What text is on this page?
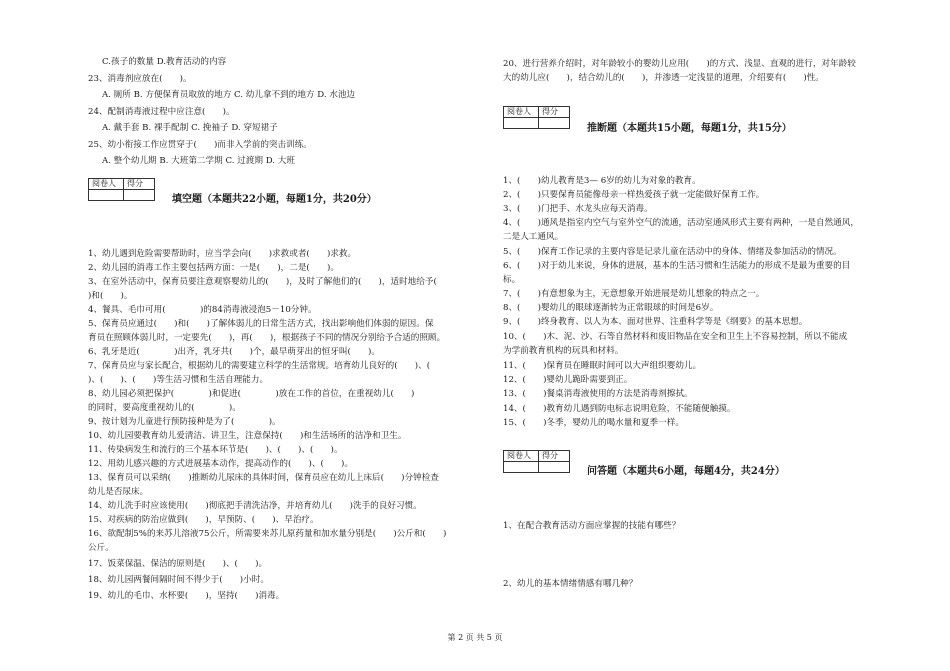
C.孩子的数量 D.教育活动的内容
23、消毒剂应放在(　　)。
A. 厕所 B. 方便保育员取放的地方 C. 幼儿拿不到的地方 D. 水池边
24、配制消毒液过程中应注意(　　)。
A. 戴手套 B. 裸手配制 C. 挽袖子 D. 穿短裙子
25、幼小衔接工作应贯穿于(　　)而非入学前的突击训练。
A. 整个幼儿期 B. 大班第二学期 C. 过渡期 D. 大班
阅卷人	得分

填空题（本题共22小题，每题1分，共20分）
1、幼儿遇到危险需要帮助时，应当学会向(　　)求救或者(　　)求救。
2、幼儿园的消毒工作主要包括两方面：一是(　　)，二是(　　)。
3、在室外活动中，保育员要注意观察婴幼儿的(　　)，及时了解他们的(　　)，适时地给予(
)和(　　)。
4、餐具、毛巾可用(　　　　)的84消毒液浸泡5－10分钟。
5、保育员应通过(　　)和(　　)了解体弱儿的日常生活方式，找出影响他们体弱的原因。保
育员在照顾体弱儿时，一定要先(　　)，再(　　)，根据孩子不同的情况分别给予合适的照顾。
6、乳牙是近(　　　　)出齐，乳牙共(　　)个，最早萌芽出的恒牙叫(　　)。
7、保育员应与家长配合，根据幼儿的需要建立科学的生活常规。培育幼儿良好的(　　)、(
)、(　　)、(　　)等生活习惯和生活自理能力。
8、幼儿园必须把保护(　　　　)和促进(　　　　)放在工作的首位，在重视幼儿(　　)
的同时，要高度重视幼儿的(　　　　)。
9、按计划为儿童进行预防接种是为了(　　　　)。
10、幼儿园要教育幼儿爱清洁、讲卫生，注意保持(　　)和生活场所的洁净和卫生。
11、传染病发生和流行的三个基本环节是(　　)、(　　)、(　　)。
12、用幼儿感兴趣的方式进展基本动作，提高动作的(　　)、(　　)。
13、保育员可以采纳(　　)推断幼儿尿床的具体时间，保育员应在幼儿上床后(　　)分钟检查
幼儿是否尿床。
14、幼儿洗手时应该使用(　　)彻底把手清洗洁净，并培育幼儿(　　)洗手的良好习惯。
15、对疾病的防治应做到(　　)，早预防、(　　)、早治疗。
16、欲配制5%的来苏儿溶液75公斤，所需要来苏儿原药量和加水量分别是(　　)公斤和(　　)
公斤。
17、饭菜保温、保洁的原则是(　　)、(　　)。
18、幼儿园两餐间隔时间不得少于(　　)小时。
19、幼儿的毛巾、水杯要(　　)，坚持(　　)消毒。
20、进行营养介绍时，对年龄较小的婴幼儿应用(　　)的方式、浅显、直观的进行，对年龄较
大的幼儿应(　　)，结合幼儿的(　　)，并渗透一定浅显的道理，介绍要有(　　)性。
阅卷人	得分

推断题（本题共15小题，每题1分，共15分）
1、(　　)幼儿教育是3— 6岁的幼儿为对象的教育。
2、(　　)只要保育员能像母亲一样热爱孩子就一定能做好保育工作。
3、(　　)门把手、水龙头应每天消毒。
4、(　　)通风是指室内空气与室外空气的流通，活动室通风形式主要有两种，一是自然通风，
二是人工通风。
5、(　　)保育工作记录的主要内容是记录儿童在活动中的身体、情绪及参加活动的情况。
6、(　　)对于幼儿来说，身体的进展，基本的生活习惯和生活能力的形成不是最为重要的目
标。
7、(　　)有意想象为主，无意想象开始进展是幼儿想象的特点之一。
8、(　　)婴幼儿的眼球逐渐转为正常眼球的时间是6岁。
9、(　　)终身教育、以人为本、面对世界、注重科学等是《纲要》的基本思想。
10、(　　)木、泥、沙、石等自然材料和废旧物品在安全和卫生上不容易控制，所以不能成
为学前教育机构的玩具和材料。
11、(　　)保育员在睡眠时间可以大声组织婴幼儿。
12、(　　)婴幼儿跪卧需要到正。
13、(　　)餐桌消毒液使用的方法是消毒剂擦拭。
14、(　　)教育幼儿遇到防电标志说明危险，不能随便触摸。
15、(　　)冬季，婴幼儿的喝水量和夏季一样。
阅卷人	得分

问答题（本题共6小题，每题4分，共24分）
1、在配合教育活动方面应掌握的技能有哪些？
2、幼儿的基本情绪情感有哪几种？
第 2 页 共 5 页
